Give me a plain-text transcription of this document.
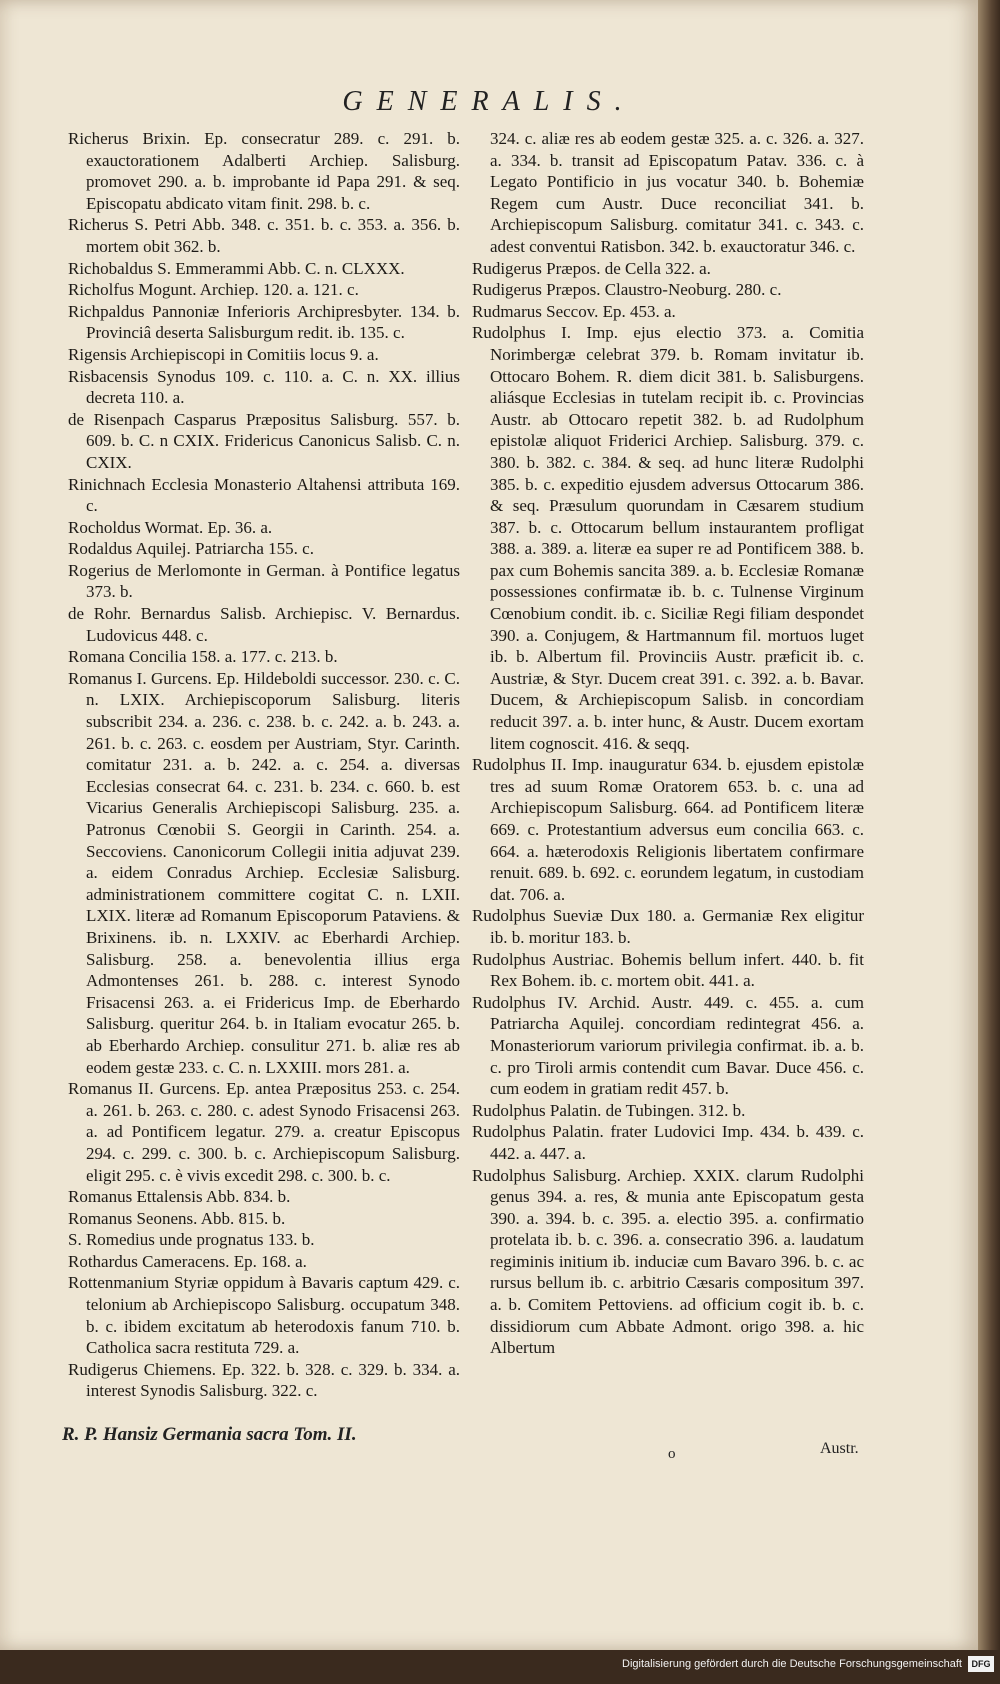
GENERALIS.

Richerus Brixin. Ep. consecratur 289. c. 291. b. exauctorationem Adalberti Archiep. Salisburg. promovet 290. a. b. improbante id Papa 291. & seq. Episcopatu abdicato vitam finit. 298. b. c.

Richerus S. Petri Abb. 348. c. 351. b. c. 353. a. 356. b. mortem obit 362. b.

Richobaldus S. Emmerammi Abb. C. n. CLXXX.

Richolfus Mogunt. Archiep. 120. a. 121. c.

Richpaldus Pannoniæ Inferioris Archipresbyter. 134. b. Provinciâ deserta Salisburgum redit. ib. 135. c.

Rigensis Archiepiscopi in Comitiis locus 9. a.

Risbacensis Synodus 109. c. 110. a. C. n. XX. illius decreta 110. a.

de Risenpach Casparus Præpositus Salisburg. 557. b. 609. b. C. n CXIX. Fridericus Canonicus Salisb. C. n. CXIX.

Rinichnach Ecclesia Monasterio Altahensi attributa 169. c.

Rocholdus Wormat. Ep. 36. a.

Rodaldus Aquilej. Patriarcha 155. c.

Rogerius de Merlomonte in German. à Pontifice legatus 373. b.

de Rohr. Bernardus Salisb. Archiepisc. V. Bernardus. Ludovicus 448. c.

Romana Concilia 158. a. 177. c. 213. b.

Romanus I. Gurcens. Ep. Hildeboldi successor. 230. c. C. n. LXIX. Archiepiscoporum Salisburg. literis subscribit 234. a. 236. c. 238. b. c. 242. a. b. 243. a. 261. b. c. 263. c. eosdem per Austriam, Styr. Carinth. comitatur 231. a. b. 242. a. c. 254. a. diversas Ecclesias consecrat 64. c. 231. b. 234. c. 660. b. est Vicarius Generalis Archiepiscopi Salisburg. 235. a. Patronus Cœnobii S. Georgii in Carinth. 254. a. Seccoviens. Canonicorum Collegii initia adjuvat 239. a. eidem Conradus Archiep. Ecclesiæ Salisburg. administrationem committere cogitat C. n. LXII. LXIX. literæ ad Romanum Episcoporum Pataviens. & Brixinens. ib. n. LXXIV. ac Eberhardi Archiep. Salisburg. 258. a. benevolentia illius erga Admontenses 261. b. 288. c. interest Synodo Frisacensi 263. a. ei Fridericus Imp. de Eberhardo Salisburg. queritur 264. b. in Italiam evocatur 265. b. ab Eberhardo Archiep. consulitur 271. b. aliæ res ab eodem gestæ 233. c. C. n. LXXIII. mors 281. a.

Romanus II. Gurcens. Ep. antea Præpositus 253. c. 254. a. 261. b. 263. c. 280. c. adest Synodo Frisacensi 263. a. ad Pontificem legatur. 279. a. creatur Episcopus 294. c. 299. c. 300. b. c. Archiepiscopum Salisburg. eligit 295. c. è vivis excedit 298. c. 300. b. c.

Romanus Ettalensis Abb. 834. b.

Romanus Seonens. Abb. 815. b.

S. Romedius unde prognatus 133. b.

Rothardus Cameracens. Ep. 168. a.

Rottenmanium Styriæ oppidum à Bavaris captum 429. c. telonium ab Archiepiscopo Salisburg. occupatum 348. b. c. ibidem excitatum ab heterodoxis fanum 710. b. Catholica sacra restituta 729. a.

Rudigerus Chiemens. Ep. 322. b. 328. c. 329. b. 334. a. interest Synodis Salisburg. 322. c.

324. c. aliæ res ab eodem gestæ 325. a. c. 326. a. 327. a. 334. b. transit ad Episcopatum Patav. 336. c. à Legato Pontificio in jus vocatur 340. b. Bohemiæ Regem cum Austr. Duce reconciliat 341. b. Archiepiscopum Salisburg. comitatur 341. c. 343. c. adest conventui Ratisbon. 342. b. exauctoratur 346. c.

Rudigerus Præpos. de Cella 322. a.

Rudigerus Præpos. Claustro-Neoburg. 280. c.

Rudmarus Seccov. Ep. 453. a.

Rudolphus I. Imp. ejus electio 373. a. Comitia Norimbergæ celebrat 379. b. Romam invitatur ib. Ottocaro Bohem. R. diem dicit 381. b. Salisburgens. aliásque Ecclesias in tutelam recipit ib. c. Provincias Austr. ab Ottocaro repetit 382. b. ad Rudolphum epistolæ aliquot Friderici Archiep. Salisburg. 379. c. 380. b. 382. c. 384. & seq. ad hunc literæ Rudolphi 385. b. c. expeditio ejusdem adversus Ottocarum 386. & seq. Præsulum quorundam in Cæsarem studium 387. b. c. Ottocarum bellum instaurantem profligat 388. a. 389. a. literæ ea super re ad Pontificem 388. b. pax cum Bohemis sancita 389. a. b. Ecclesiæ Romanæ possessiones confirmatæ ib. b. c. Tulnense Virginum Cœnobium condit. ib. c. Siciliæ Regi filiam despondet 390. a. Conjugem, & Hartmannum fil. mortuos luget ib. b. Albertum fil. Provinciis Austr. præficit ib. c. Austriæ, & Styr. Ducem creat 391. c. 392. a. b. Bavar. Ducem, & Archiepiscopum Salisb. in concordiam reducit 397. a. b. inter hunc, & Austr. Ducem exortam litem cognoscit. 416. & seqq.

Rudolphus II. Imp. inauguratur 634. b. ejusdem epistolæ tres ad suum Romæ Oratorem 653. b. c. una ad Archiepiscopum Salisburg. 664. ad Pontificem literæ 669. c. Protestantium adversus eum concilia 663. c. 664. a. hæterodoxis Religionis libertatem confirmare renuit. 689. b. 692. c. eorundem legatum, in custodiam dat. 706. a.

Rudolphus Sueviæ Dux 180. a. Germaniæ Rex eligitur ib. b. moritur 183. b.

Rudolphus Austriac. Bohemis bellum infert. 440. b. fit Rex Bohem. ib. c. mortem obit. 441. a.

Rudolphus IV. Archid. Austr. 449. c. 455. a. cum Patriarcha Aquilej. concordiam redintegrat 456. a. Monasteriorum variorum privilegia confirmat. ib. a. b. c. pro Tiroli armis contendit cum Bavar. Duce 456. c. cum eodem in gratiam redit 457. b.

Rudolphus Palatin. de Tubingen. 312. b.

Rudolphus Palatin. frater Ludovici Imp. 434. b. 439. c. 442. a. 447. a.

Rudolphus Salisburg. Archiep. XXIX. clarum Rudolphi genus 394. a. res, & munia ante Episcopatum gesta 390. a. 394. b. c. 395. a. electio 395. a. confirmatio protelata ib. b. c. 396. a. consecratio 396. a. laudatum regiminis initium ib. induciæ cum Bavaro 396. b. c. ac rursus bellum ib. c. arbitrio Cæsaris compositum 397. a. b. Comitem Pettoviens. ad officium cogit ib. b. c. dissidiorum cum Abbate Admont. origo 398. a. hic Albertum

R. P. Hansiz Germania sacra Tom. II.
o	Austr.
Digitalisierung gefördert durch die Deutsche Forschungsgemeinschaft	DFG
